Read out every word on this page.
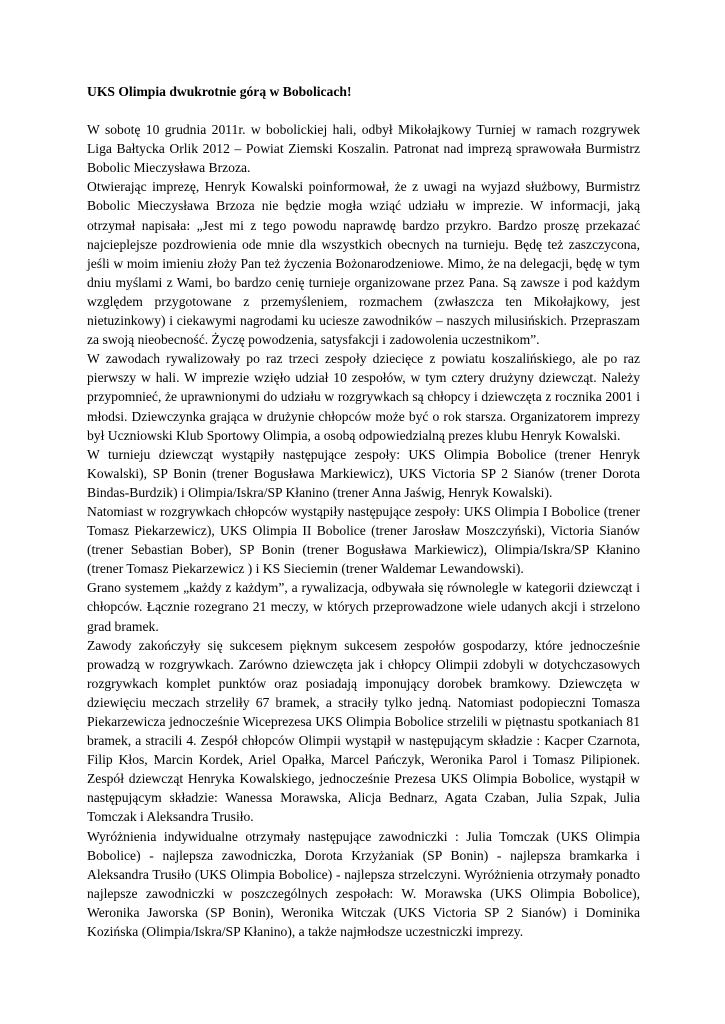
UKS Olimpia dwukrotnie górą w Bobolicach!

W sobotę 10 grudnia 2011r. w bobolickiej hali, odbył Mikołajkowy Turniej w ramach rozgrywek Liga Bałtycka Orlik 2012 – Powiat Ziemski Koszalin. Patronat nad imprezą sprawowała Burmistrz Bobolic Mieczysława Brzoza.

Otwierając imprezę, Henryk Kowalski poinformował, że z uwagi na wyjazd służbowy, Burmistrz Bobolic Mieczysława Brzoza nie będzie mogła wziąć udziału w imprezie. W informacji, jaką otrzymał napisała: „Jest mi z tego powodu naprawdę bardzo przykro. Bardzo proszę przekazać najcieplejsze pozdrowienia ode mnie dla wszystkich obecnych na turnieju. Będę też zaszczycona, jeśli w moim imieniu złoży Pan też życzenia Bożonarodzeniowe. Mimo, że na delegacji, będę w tym dniu myślami z Wami, bo bardzo cenię turnieje organizowane przez Pana. Są zawsze i pod każdym względem przygotowane z przemyśleniem, rozmachem (zwłaszcza ten Mikołajkowy, jest nietuzinkowy) i ciekawymi nagrodami ku uciesze zawodników – naszych milusińskich. Przepraszam za swoją nieobecność. Życzę powodzenia, satysfakcji i zadowolenia uczestnikom”.

W zawodach rywalizowały po raz trzeci zespoły dziecięce z powiatu koszalińskiego, ale po raz pierwszy w hali. W imprezie wzięło udział 10 zespołów, w tym cztery drużyny dziewcząt. Należy przypomnieć, że uprawnionymi do udziału w rozgrywkach są chłopcy i dziewczęta z rocznika 2001 i młodsi. Dziewczynka grająca w drużynie chłopców może być o rok starsza. Organizatorem imprezy był Uczniowski Klub Sportowy Olimpia, a osobą odpowiedzialną prezes klubu Henryk Kowalski.

W turnieju dziewcząt wystąpiły następujące zespoły: UKS Olimpia Bobolice (trener Henryk Kowalski), SP Bonin (trener Bogusława Markiewicz), UKS Victoria SP 2 Sianów (trener Dorota Bindas-Burdzik) i Olimpia/Iskra/SP Kłanino (trener Anna Jaświg, Henryk Kowalski).

Natomiast w rozgrywkach chłopców wystąpiły następujące zespoły: UKS Olimpia I Bobolice (trener Tomasz Piekarzewicz), UKS Olimpia II Bobolice (trener Jarosław Moszczyński), Victoria Sianów (trener Sebastian Bober), SP Bonin (trener Bogusława Markiewicz), Olimpia/Iskra/SP Kłanino (trener Tomasz Piekarzewicz ) i KS Sieciemin (trener Waldemar Lewandowski).

Grano systemem „każdy z każdym”, a rywalizacja, odbywała się równolegle w kategorii dziewcząt i chłopców. Łącznie rozegrano 21 meczy, w których przeprowadzone wiele udanych akcji i strzelono grad bramek.

Zawody zakończyły się sukcesem pięknym sukcesem zespołów gospodarzy, które jednocześnie prowadzą w rozgrywkach. Zarówno dziewczęta jak i chłopcy Olimpii zdobyli w dotychczasowych rozgrywkach komplet punktów oraz posiadają imponujący dorobek bramkowy. Dziewczęta w dziewięciu meczach strzeliły 67 bramek, a straciły tylko jedną. Natomiast podopieczni Tomasza Piekarzewicza jednocześnie Wiceprezesa UKS Olimpia Bobolice strzelili w piętnastu spotkaniach 81 bramek, a stracili 4. Zespół chłopców Olimpii wystąpił w następującym składzie : Kacper Czarnota, Filip Kłos, Marcin Kordek, Ariel Opałka, Marcel Pańczyk, Weronika Parol i Tomasz Pilipionek. Zespół dziewcząt Henryka Kowalskiego, jednocześnie Prezesa UKS Olimpia Bobolice, wystąpił w następującym składzie: Wanessa Morawska, Alicja Bednarz, Agata Czaban, Julia Szpak, Julia Tomczak i Aleksandra Trusiło.

Wyróżnienia indywidualne otrzymały następujące zawodniczki : Julia Tomczak (UKS Olimpia Bobolice) - najlepsza zawodniczka, Dorota Krzyżaniak (SP Bonin) - najlepsza bramkarka i Aleksandra Trusiło (UKS Olimpia Bobolice) - najlepsza strzelczyni. Wyróżnienia otrzymały ponadto najlepsze zawodniczki w poszczególnych zespołach: W. Morawska (UKS Olimpia Bobolice), Weronika Jaworska (SP Bonin), Weronika Witczak (UKS Victoria SP 2 Sianów) i Dominika Kozińska (Olimpia/Iskra/SP Kłanino), a także najmłodsze uczestniczki imprezy.
